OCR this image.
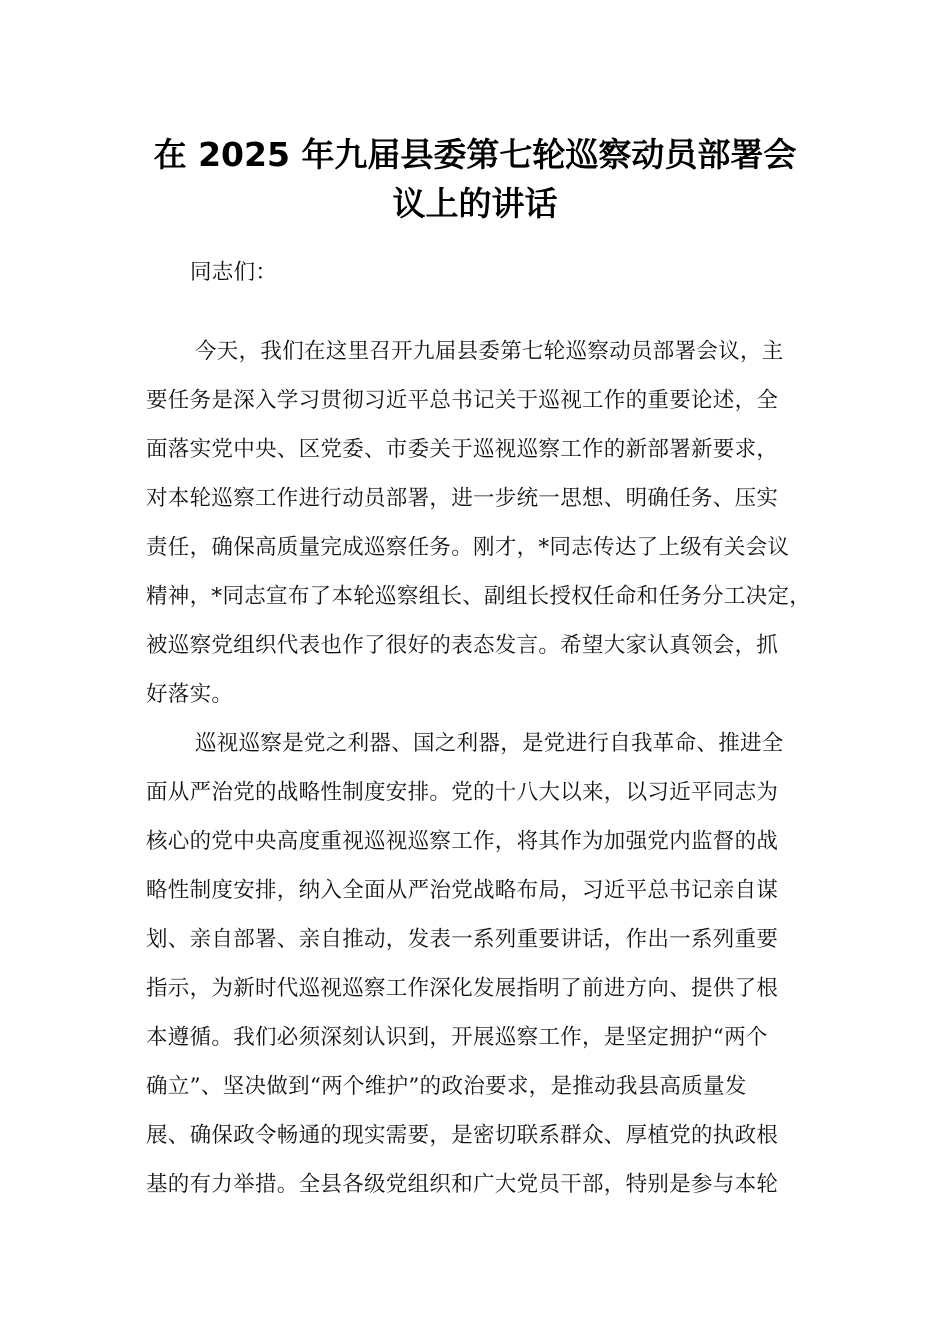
在 2025 年九届县委第七轮巡察动员部署会
议上的讲话
同志们：
今天，我们在这里召开九届县委第七轮巡察动员部署会议，主
要任务是深入学习贯彻习近平总书记关于巡视工作的重要论述，全
面落实党中央、区党委、市委关于巡视巡察工作的新部署新要求，
对本轮巡察工作进行动员部署，进一步统一思想、明确任务、压实
责任，确保高质量完成巡察任务。刚才，*同志传达了上级有关会议
精神，*同志宣布了本轮巡察组长、副组长授权任命和任务分工决定，
被巡察党组织代表也作了很好的表态发言。希望大家认真领会，抓
好落实。
巡视巡察是党之利器、国之利器，是党进行自我革命、推进全
面从严治党的战略性制度安排。党的十八大以来，以习近平同志为
核心的党中央高度重视巡视巡察工作，将其作为加强党内监督的战
略性制度安排，纳入全面从严治党战略布局，习近平总书记亲自谋
划、亲自部署、亲自推动，发表一系列重要讲话，作出一系列重要
指示，为新时代巡视巡察工作深化发展指明了前进方向、提供了根
本遵循。我们必须深刻认识到，开展巡察工作，是坚定拥护“两个
确立”、坚决做到“两个维护”的政治要求，是推动我县高质量发
展、确保政令畅通的现实需要，是密切联系群众、厚植党的执政根
基的有力举措。全县各级党组织和广大党员干部，特别是参与本轮
